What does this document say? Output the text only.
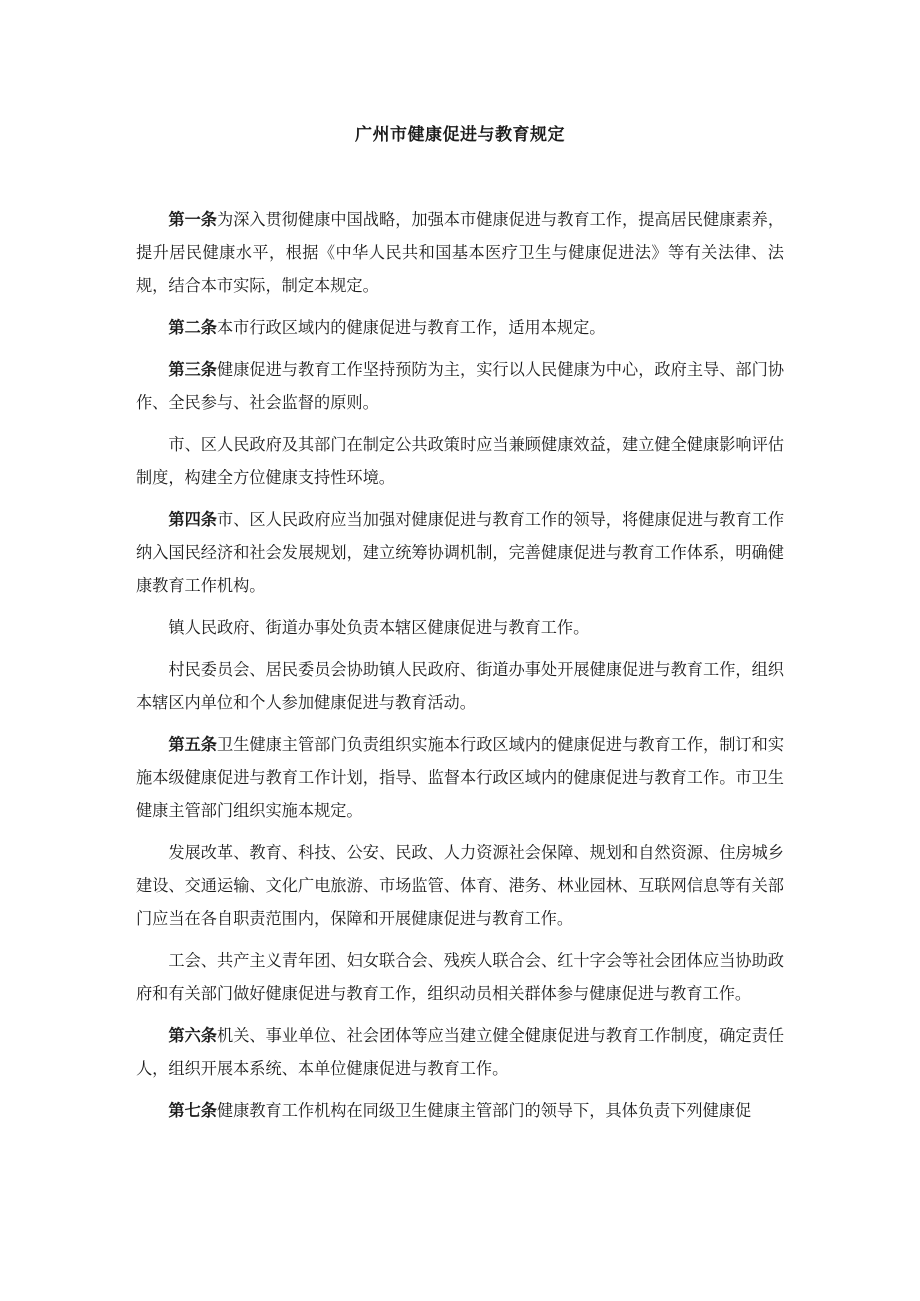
广州市健康促进与教育规定

第一条为深入贯彻健康中国战略，加强本市健康促进与教育工作，提高居民健康素养，提升居民健康水平，根据《中华人民共和国基本医疗卫生与健康促进法》等有关法律、法规，结合本市实际，制定本规定。

第二条本市行政区域内的健康促进与教育工作，适用本规定。

第三条健康促进与教育工作坚持预防为主，实行以人民健康为中心，政府主导、部门协作、全民参与、社会监督的原则。

市、区人民政府及其部门在制定公共政策时应当兼顾健康效益，建立健全健康影响评估制度，构建全方位健康支持性环境。

第四条市、区人民政府应当加强对健康促进与教育工作的领导，将健康促进与教育工作纳入国民经济和社会发展规划，建立统筹协调机制，完善健康促进与教育工作体系，明确健康教育工作机构。

镇人民政府、街道办事处负责本辖区健康促进与教育工作。

村民委员会、居民委员会协助镇人民政府、街道办事处开展健康促进与教育工作，组织本辖区内单位和个人参加健康促进与教育活动。

第五条卫生健康主管部门负责组织实施本行政区域内的健康促进与教育工作，制订和实施本级健康促进与教育工作计划，指导、监督本行政区域内的健康促进与教育工作。市卫生健康主管部门组织实施本规定。

发展改革、教育、科技、公安、民政、人力资源社会保障、规划和自然资源、住房城乡建设、交通运输、文化广电旅游、市场监管、体育、港务、林业园林、互联网信息等有关部门应当在各自职责范围内，保障和开展健康促进与教育工作。

工会、共产主义青年团、妇女联合会、残疾人联合会、红十字会等社会团体应当协助政府和有关部门做好健康促进与教育工作，组织动员相关群体参与健康促进与教育工作。

第六条机关、事业单位、社会团体等应当建立健全健康促进与教育工作制度，确定责任人，组织开展本系统、本单位健康促进与教育工作。

第七条健康教育工作机构在同级卫生健康主管部门的领导下，具体负责下列健康促
